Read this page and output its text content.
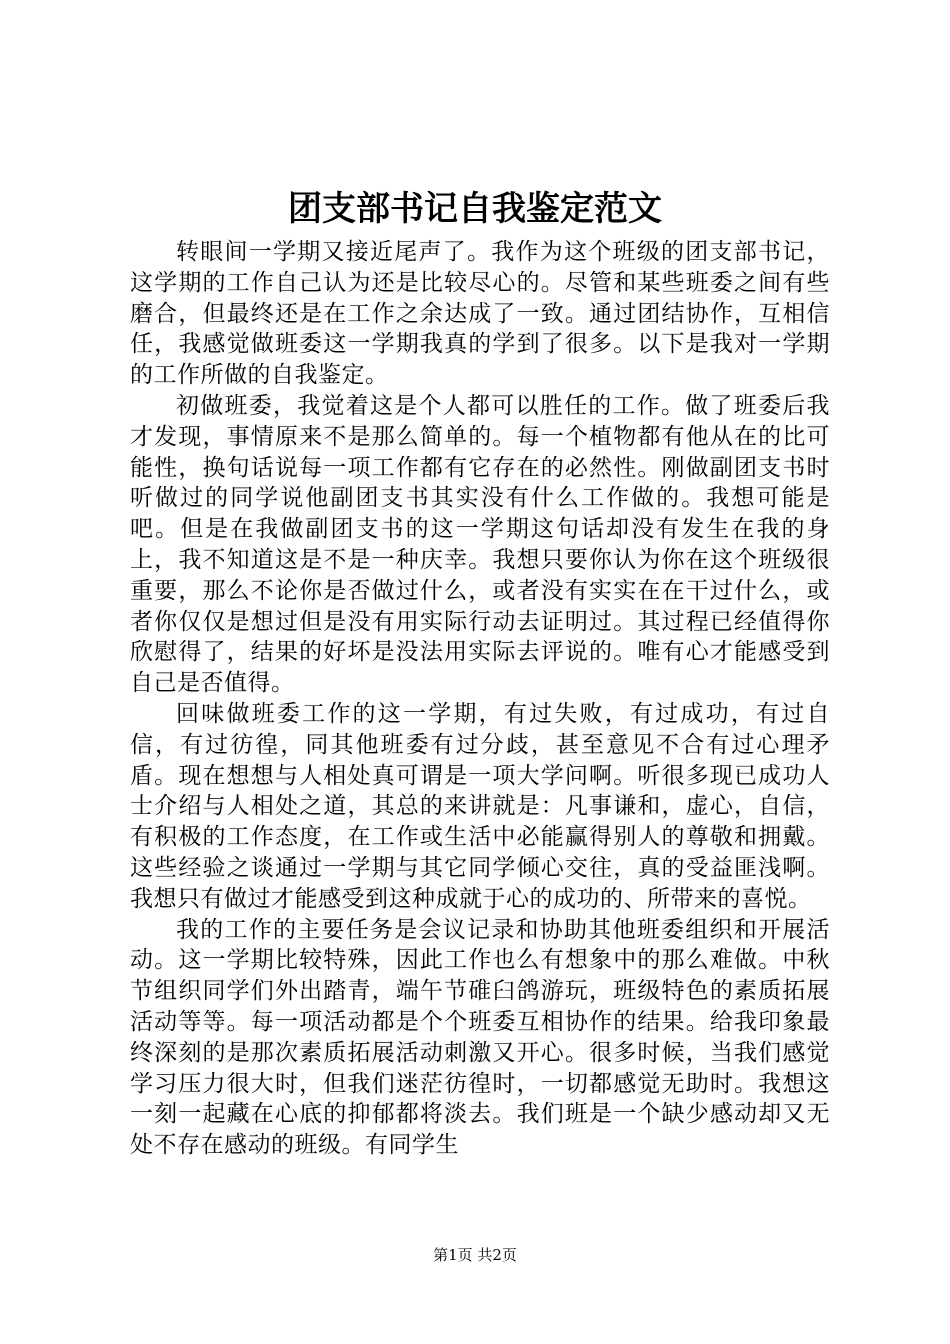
团支部书记自我鉴定范文

转眼间一学期又接近尾声了。我作为这个班级的团支部书记，这学期的工作自己认为还是比较尽心的。尽管和某些班委之间有些磨合，但最终还是在工作之余达成了一致。通过团结协作，互相信任，我感觉做班委这一学期我真的学到了很多。以下是我对一学期的工作所做的自我鉴定。

初做班委，我觉着这是个人都可以胜任的工作。做了班委后我才发现，事情原来不是那么简单的。每一个植物都有他从在的比可能性，换句话说每一项工作都有它存在的必然性。刚做副团支书时听做过的同学说他副团支书其实没有什么工作做的。我想可能是吧。但是在我做副团支书的这一学期这句话却没有发生在我的身上，我不知道这是不是一种庆幸。我想只要你认为你在这个班级很重要，那么不论你是否做过什么，或者没有实实在在干过什么，或者你仅仅是想过但是没有用实际行动去证明过。其过程已经值得你欣慰得了，结果的好坏是没法用实际去评说的。唯有心才能感受到自己是否值得。

回味做班委工作的这一学期，有过失败，有过成功，有过自信，有过彷徨，同其他班委有过分歧，甚至意见不合有过心理矛盾。现在想想与人相处真可谓是一项大学问啊。听很多现已成功人士介绍与人相处之道，其总的来讲就是：凡事谦和，虚心，自信，有积极的工作态度，在工作或生活中必能赢得别人的尊敬和拥戴。这些经验之谈通过一学期与其它同学倾心交往，真的受益匪浅啊。我想只有做过才能感受到这种成就于心的成功的、所带来的喜悦。

我的工作的主要任务是会议记录和协助其他班委组织和开展活动。这一学期比较特殊，因此工作也么有想象中的那么难做。中秋节组织同学们外出踏青，端午节碓臼鸽游玩，班级特色的素质拓展活动等等。每一项活动都是个个班委互相协作的结果。给我印象最终深刻的是那次素质拓展活动刺激又开心。很多时候，当我们感觉学习压力很大时，但我们迷茫彷徨时，一切都感觉无助时。我想这一刻一起藏在心底的抑郁都将淡去。我们班是一个缺少感动却又无处不存在感动的班级。有同学生

第1页 共2页
